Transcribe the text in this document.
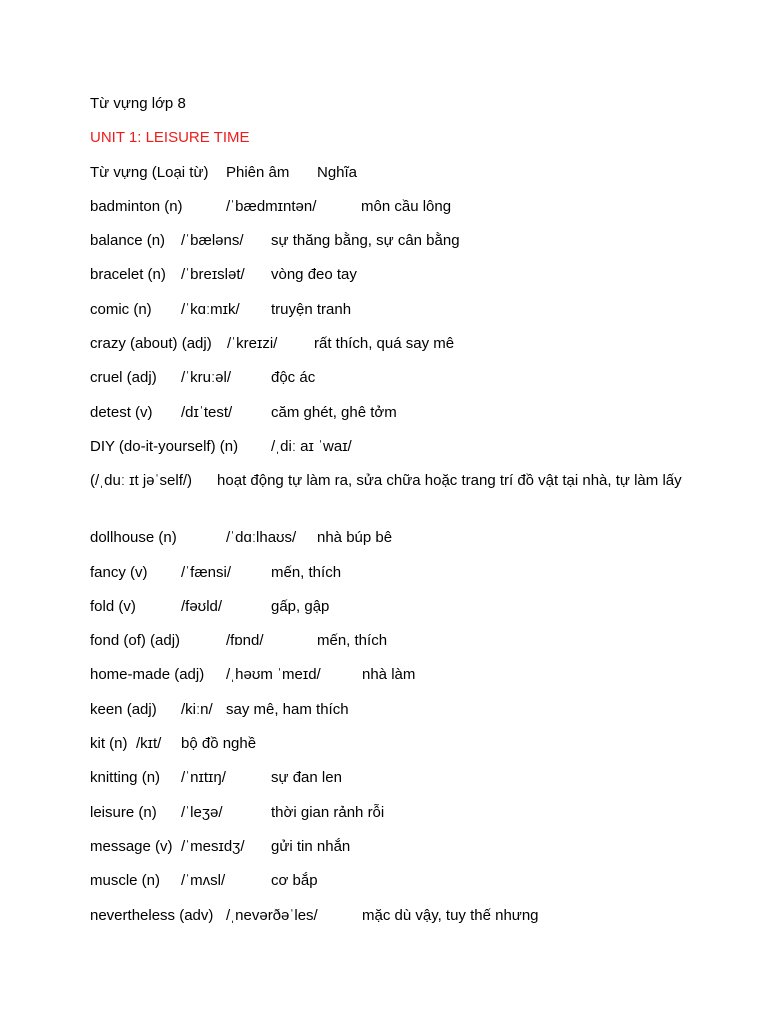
Từ vựng lớp 8
UNIT 1: LEISURE TIME
Từ vựng (Loại từ) Phiên âm Nghĩa
badminton (n)	/ˈbædmɪntən/	môn cầu lông
balance (n) /ˈbæləns/ sự thăng bằng, sự cân bằng
bracelet (n) /ˈbreɪslət/ vòng đeo tay
comic (n) /ˈkɑːmɪk/ truyện tranh
crazy (about) (adj) /ˈkreɪzi/ rất thích, quá say mê
cruel (adj) /ˈkruːəl/	độc ác
detest (v) /dɪˈtest/	căm ghét, ghê tởm
DIY (do-it-yourself) (n) /ˌdiː aɪ ˈwaɪ/
(/ˌduː ɪt jəˈself/) hoạt động tự làm ra, sửa chữa hoặc trang trí đồ vật tại nhà, tự làm lấy
dollhouse (n)	/ˈdɑːlhaʊs/ nhà búp bê
fancy (v) /ˈfænsi/	mến, thích
fold (v)	/fəʊld/	gấp, gập
fond (of) (adj)	/fɒnd/	mến, thích
home-made (adj) /ˌhəʊm ˈmeɪd/	nhà làm
keen (adj) /kiːn/ say mê, ham thích
kit (n) /kɪt/ bộ đồ nghề
knitting (n) /ˈnɪtɪŋ/	sự đan len
leisure (n) /ˈleʒə/	thời gian rảnh rỗi
message (v) /ˈmesɪdʒ/ gửi tin nhắn
muscle (n) /ˈmʌsl/	cơ bắp
nevertheless (adv) /ˌnevərðəˈles/	mặc dù vậy, tuy thế nhưng
